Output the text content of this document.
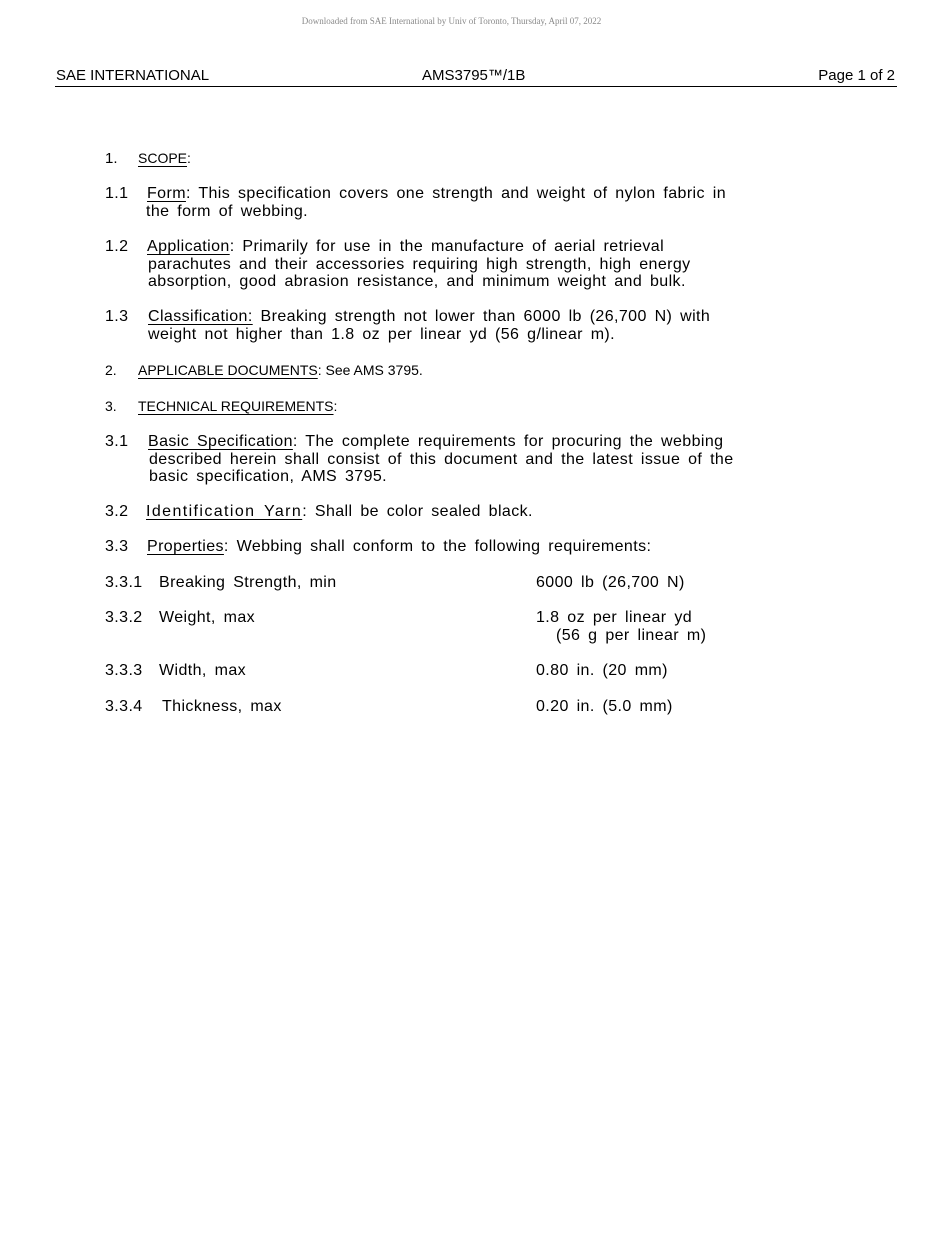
Downloaded from SAE International by Univ of Toronto, Thursday, April 07, 2022
SAE INTERNATIONAL	AMS3795™/1B	Page 1 of 2
1. SCOPE:
1.1 Form: This specification covers one strength and weight of nylon fabric in
the form of webbing.
1.2 Application: Primarily for use in the manufacture of aerial retrieval
parachutes and their accessories requiring high strength, high energy
absorption, good abrasion resistance, and minimum weight and bulk.
1.3 Classification: Breaking strength not lower than 6000 lb (26,700 N) with
weight not higher than 1.8 oz per linear yd (56 g/linear m).
2. APPLICABLE DOCUMENTS: See AMS 3795.
3. TECHNICAL REQUIREMENTS:
3.1 Basic Specification: The complete requirements for procuring the webbing
described herein shall consist of this document and the latest issue of the
basic specification, AMS 3795.
3.2 Identification Yarn: Shall be color sealed black.
3.3 Properties: Webbing shall conform to the following requirements:
3.3.1 Breaking Strength, min	6000 lb (26,700 N)
3.3.2 Weight, max	1.8 oz per linear yd
(56 g per linear m)
3.3.3 Width, max	0.80 in. (20 mm)
3.3.4 Thickness, max	0.20 in. (5.0 mm)
